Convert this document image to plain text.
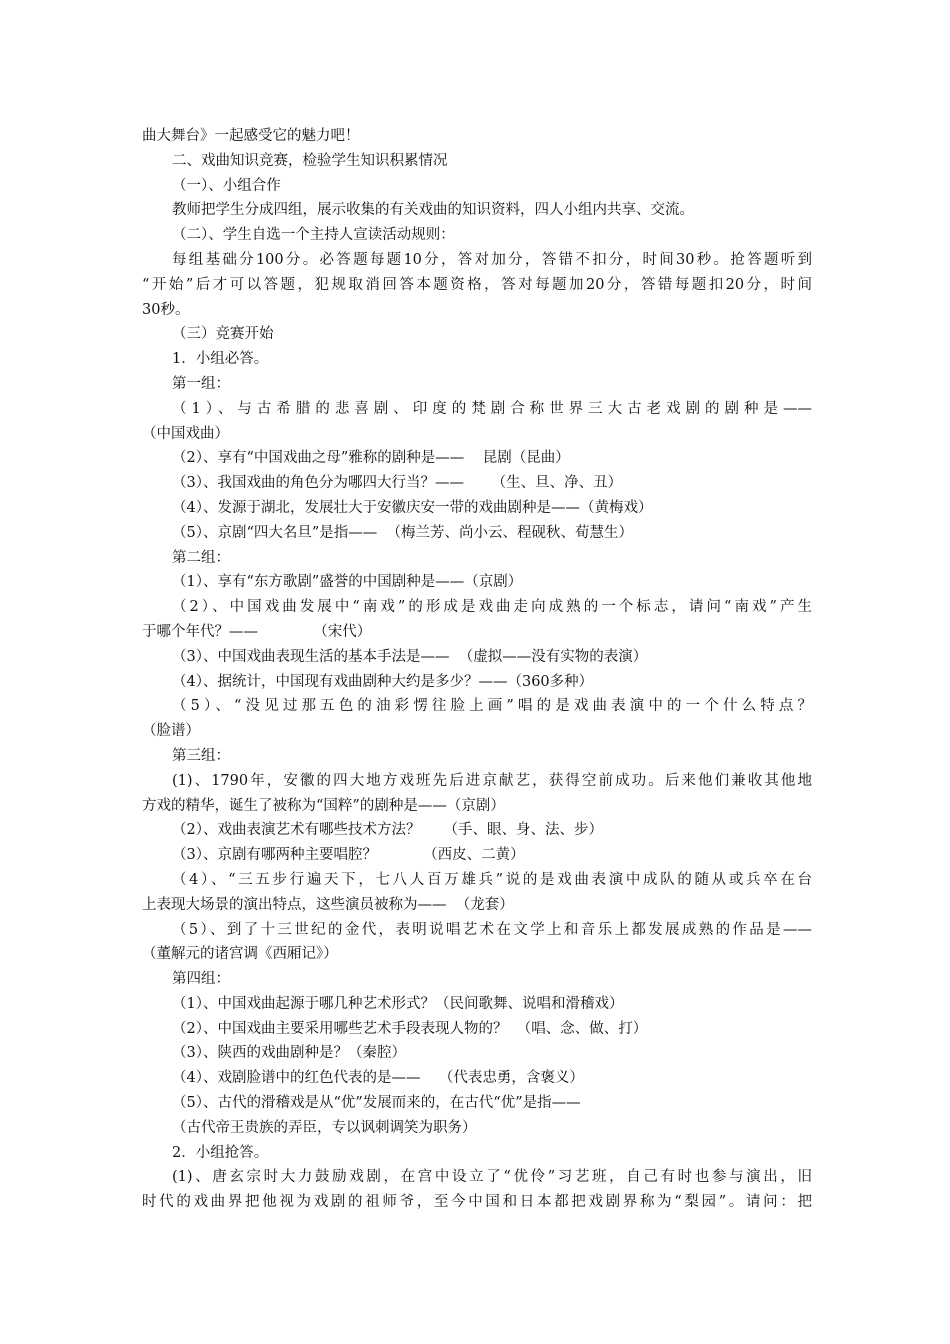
曲大舞台》一起感受它的魅力吧！
二、戏曲知识竞赛，检验学生知识积累情况
（一）、小组合作
教师把学生分成四组，展示收集的有关戏曲的知识资料，四人小组内共享、交流。
（二）、学生自选一个主持人宣读活动规则：
每组基础分100分。必答题每题10分，答对加分，答错不扣分，时间30秒。抢答题听到
“开始”后才可以答题，犯规取消回答本题资格，答对每题加20分，答错每题扣20分，时间
30秒。
（三）竞赛开始
1．小组必答。
第一组：
（1）、与古希腊的悲喜剧、印度的梵剧合称世界三大古老戏剧的剧种是——
（中国戏曲）
（2）、享有“中国戏曲之母”雅称的剧种是——    昆剧（昆曲）
（3）、我国戏曲的角色分为哪四大行当？——      （生、旦、净、丑）
（4）、发源于湖北，发展壮大于安徽庆安一带的戏曲剧种是——（黄梅戏）
（5）、京剧“四大名旦”是指——  （梅兰芳、尚小云、程砚秋、荀慧生）
第二组：
（1）、享有“东方歌剧”盛誉的中国剧种是——（京剧）
（2）、中国戏曲发展中“南戏”的形成是戏曲走向成熟的一个标志，请问“南戏”产生
于哪个年代？——            （宋代）
（3）、中国戏曲表现生活的基本手法是——  （虚拟——没有实物的表演）
（4）、据统计，中国现有戏曲剧种大约是多少？——（360多种）
（5）、“没见过那五色的油彩愣往脸上画”唱的是戏曲表演中的一个什么特点？
（脸谱）
第三组：
(1)、1790年，安徽的四大地方戏班先后进京献艺，获得空前成功。后来他们兼收其他地
方戏的精华，诞生了被称为“国粹”的剧种是——（京剧）
（2）、戏曲表演艺术有哪些技术方法？     （手、眼、身、法、步）
（3）、京剧有哪两种主要唱腔？          （西皮、二黄）
（4）、“三五步行遍天下，七八人百万雄兵”说的是戏曲表演中成队的随从或兵卒在台
上表现大场景的演出特点，这些演员被称为——  （龙套）
（5）、到了十三世纪的金代，表明说唱艺术在文学上和音乐上都发展成熟的作品是——
（董解元的诸宫调《西厢记》）
第四组：
（1）、中国戏曲起源于哪几种艺术形式？（民间歌舞、说唱和滑稽戏）
（2）、中国戏曲主要采用哪些艺术手段表现人物的？  （唱、念、做、打）
（3）、陕西的戏曲剧种是？（秦腔）
（4）、戏剧脸谱中的红色代表的是——    （代表忠勇，含褒义）
（5）、古代的滑稽戏是从“优”发展而来的，在古代“优”是指——
（古代帝王贵族的弄臣，专以讽刺调笑为职务）
2．小组抢答。
(1)、唐玄宗时大力鼓励戏剧，在宫中设立了“优伶”习艺班，自己有时也参与演出，旧
时代的戏曲界把他视为戏剧的祖师爷，至今中国和日本都把戏剧界称为“梨园”。请问：把
